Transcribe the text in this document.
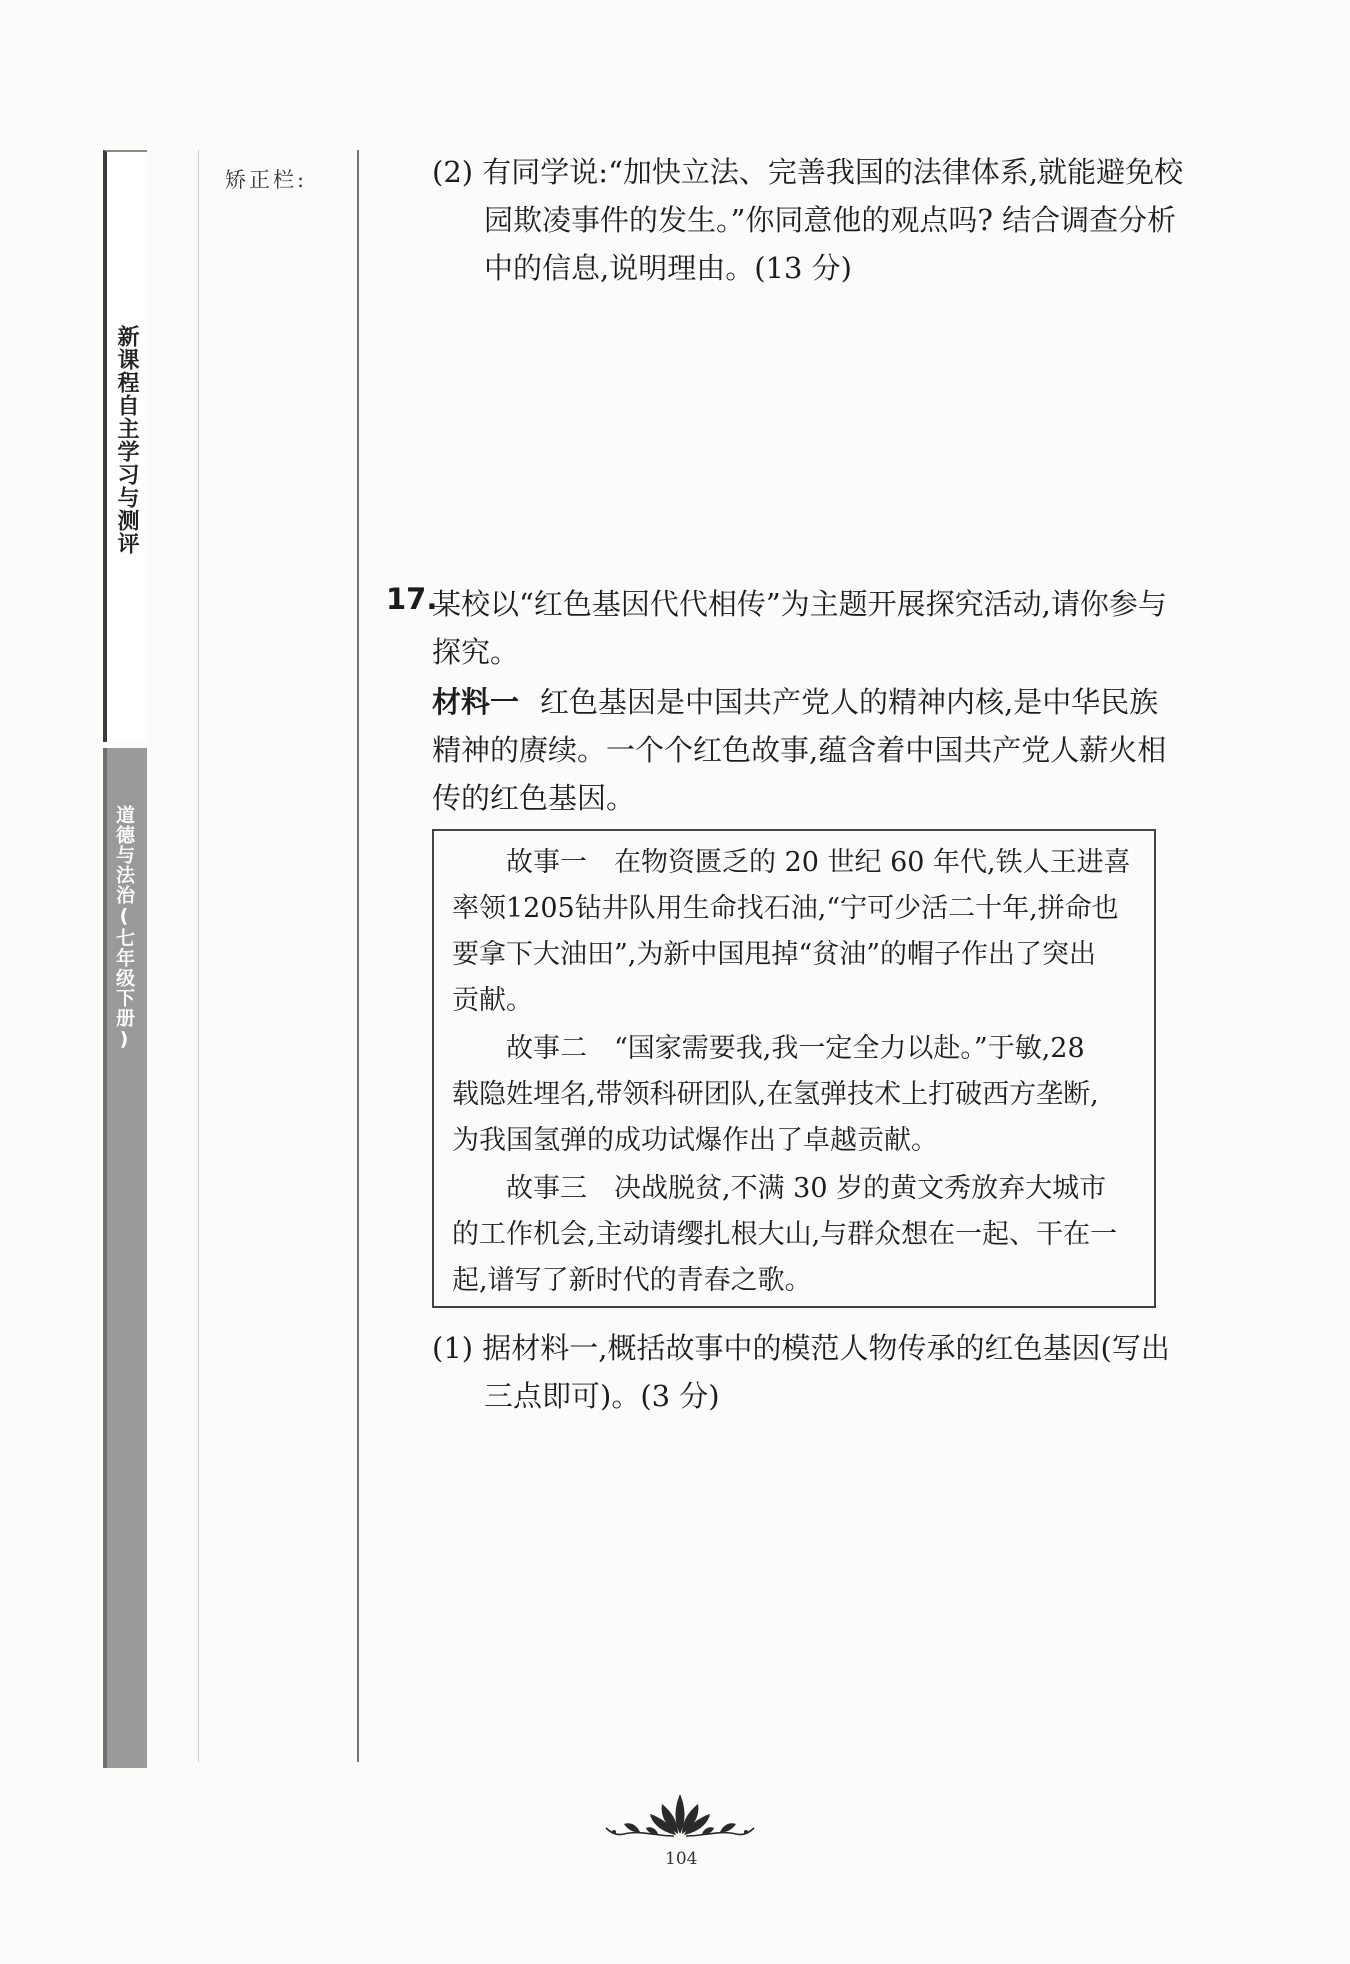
新课程自主学习与测评
道德与法治(七年级下册)
矫正栏:	(2) 有同学说:“加快立法、完善我国的法律体系,就能避免校
园欺凌事件的发生。”你同意他的观点吗? 结合调查分析
中的信息,说明理由。(13 分)
17.
某校以“红色基因代代相传”为主题开展探究活动,请你参与
探究。
材料一 红色基因是中国共产党人的精神内核,是中华民族
精神的赓续。一个个红色故事,蕴含着中国共产党人薪火相
传的红色基因。
故事一　在物资匮乏的 20 世纪 60 年代,铁人王进喜
率领1205钻井队用生命找石油,“宁可少活二十年,拼命也
要拿下大油田”,为新中国甩掉“贫油”的帽子作出了突出
贡献。
故事二　“国家需要我,我一定全力以赴。”于敏,28
载隐姓埋名,带领科研团队,在氢弹技术上打破西方垄断,
为我国氢弹的成功试爆作出了卓越贡献。
故事三　决战脱贫,不满 30 岁的黄文秀放弃大城市
的工作机会,主动请缨扎根大山,与群众想在一起、干在一
起,谱写了新时代的青春之歌。
(1) 据材料一,概括故事中的模范人物传承的红色基因(写出
三点即可)。(3 分)
104
